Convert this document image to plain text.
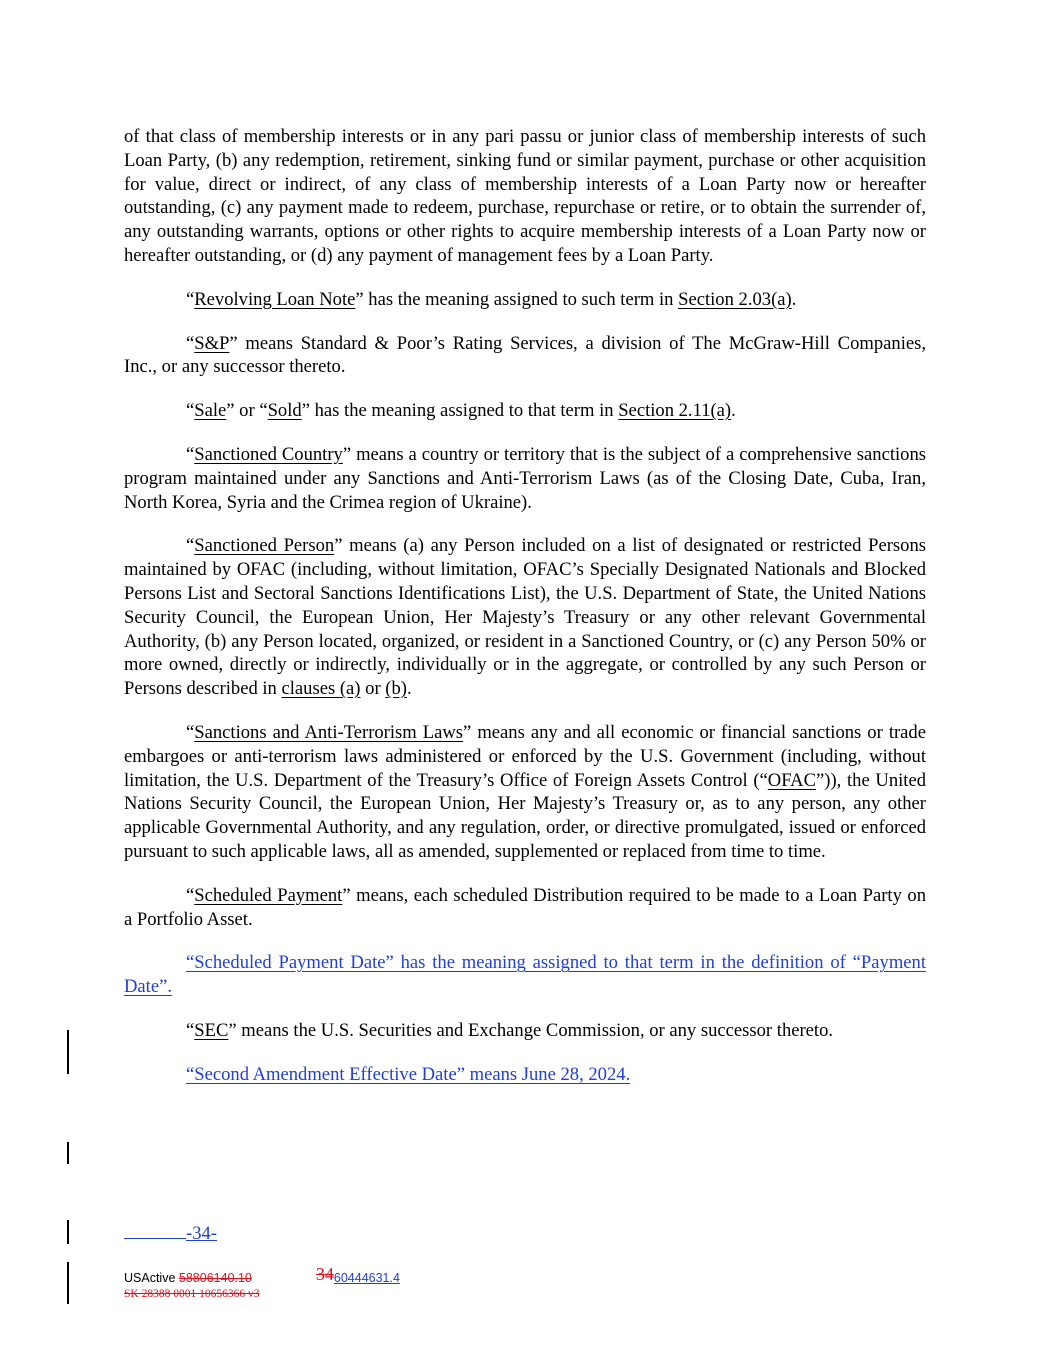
of that class of membership interests or in any pari passu or junior class of membership interests of such Loan Party, (b) any redemption, retirement, sinking fund or similar payment, purchase or other acquisition for value, direct or indirect, of any class of membership interests of a Loan Party now or hereafter outstanding, (c) any payment made to redeem, purchase, repurchase or retire, or to obtain the surrender of, any outstanding warrants, options or other rights to acquire membership interests of a Loan Party now or hereafter outstanding, or (d) any payment of management fees by a Loan Party.

“Revolving Loan Note” has the meaning assigned to such term in Section 2.03(a).

“S&P” means Standard & Poor’s Rating Services, a division of The McGraw-Hill Companies, Inc., or any successor thereto.

“Sale” or “Sold” has the meaning assigned to that term in Section 2.11(a).

“Sanctioned Country” means a country or territory that is the subject of a comprehensive sanctions program maintained under any Sanctions and Anti-Terrorism Laws (as of the Closing Date, Cuba, Iran, North Korea, Syria and the Crimea region of Ukraine).

“Sanctioned Person” means (a) any Person included on a list of designated or restricted Persons maintained by OFAC (including, without limitation, OFAC’s Specially Designated Nationals and Blocked Persons List and Sectoral Sanctions Identifications List), the U.S. Department of State, the United Nations Security Council, the European Union, Her Majesty’s Treasury or any other relevant Governmental Authority, (b) any Person located, organized, or resident in a Sanctioned Country, or (c) any Person 50% or more owned, directly or indirectly, individually or in the aggregate, or controlled by any such Person or Persons described in clauses (a) or (b).

“Sanctions and Anti-Terrorism Laws” means any and all economic or financial sanctions or trade embargoes or anti-terrorism laws administered or enforced by the U.S. Government (including, without limitation, the U.S. Department of the Treasury’s Office of Foreign Assets Control (“OFAC”)), the United Nations Security Council, the European Union, Her Majesty’s Treasury or, as to any person, any other applicable Governmental Authority, and any regulation, order, or directive promulgated, issued or enforced pursuant to such applicable laws, all as amended, supplemented or replaced from time to time.

“Scheduled Payment” means, each scheduled Distribution required to be made to a Loan Party on a Portfolio Asset.

“Scheduled Payment Date” has the meaning assigned to that term in the definition of “Payment Date”.

“SEC” means the U.S. Securities and Exchange Commission, or any successor thereto.

“Second Amendment Effective Date” means June 28, 2024.

-34-
USActive 58806140.10	3460444631.4
SK 28388 0001 10656366 v3
